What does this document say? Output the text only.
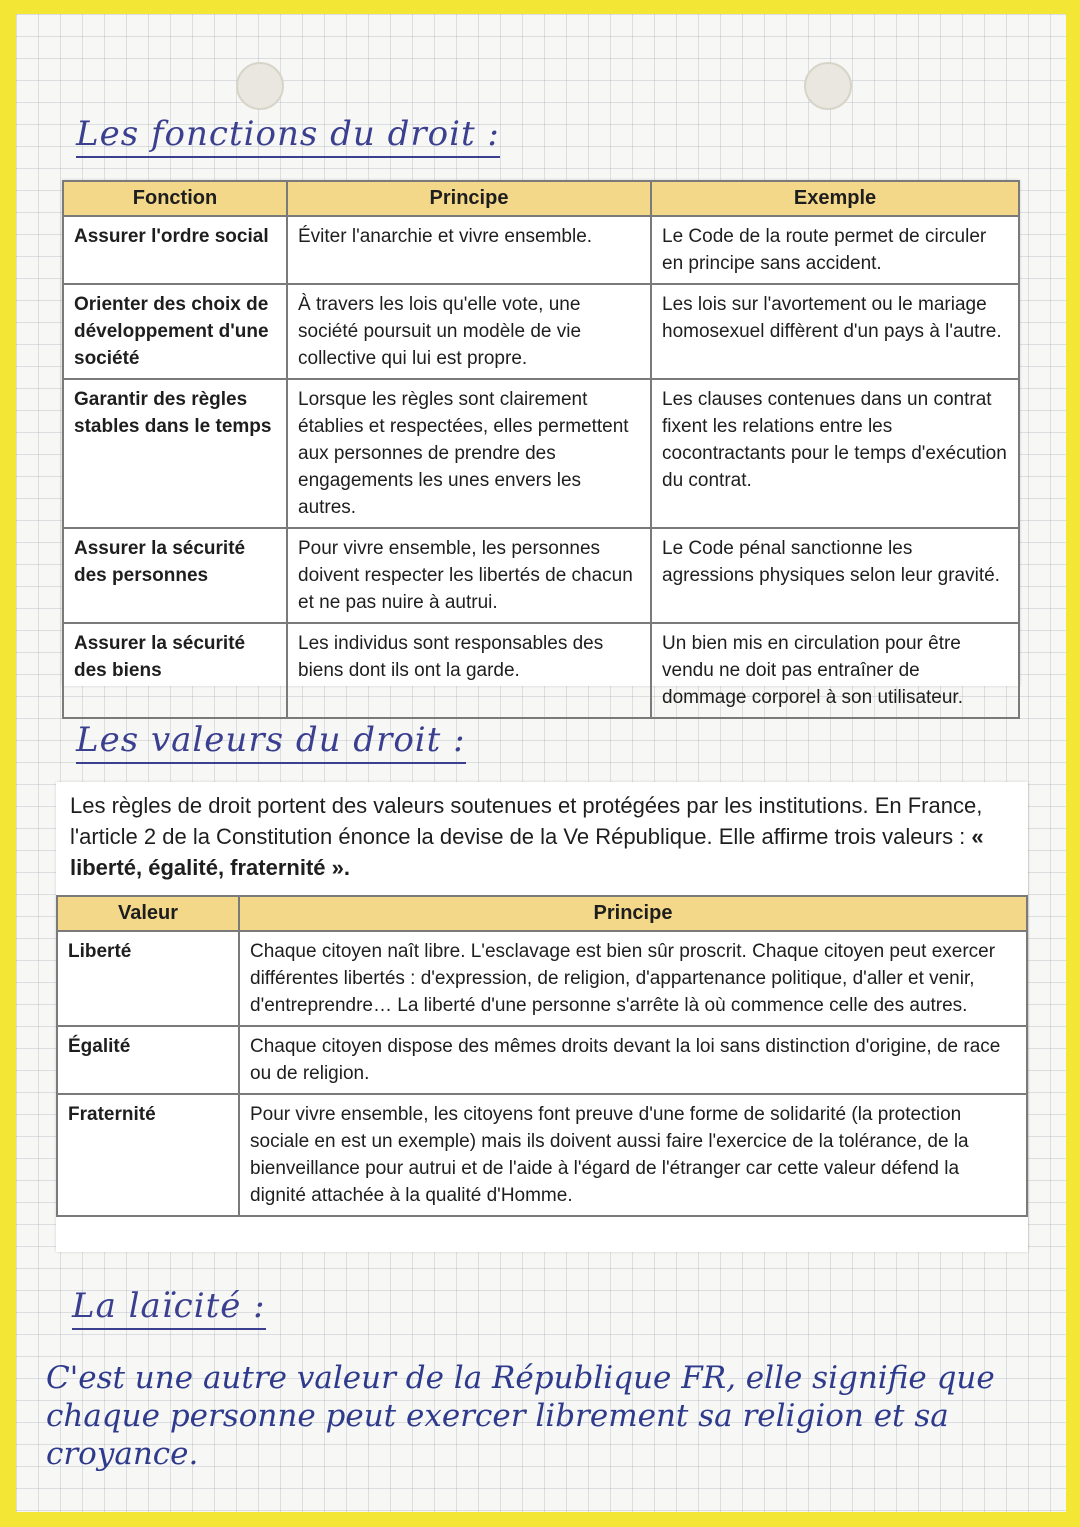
Les fonctions du droit :
Fonction	Principe	Exemple
Assurer l'ordre social	Éviter l'anarchie et vivre ensemble.	Le Code de la route permet de circuler en principe sans accident.
Orienter des choix de développement d'une société	À travers les lois qu'elle vote, une société poursuit un modèle de vie collective qui lui est propre.	Les lois sur l'avortement ou le mariage homosexuel diffèrent d'un pays à l'autre.
Garantir des règles stables dans le temps	Lorsque les règles sont clairement établies et respectées, elles permettent aux personnes de prendre des engagements les unes envers les autres.	Les clauses contenues dans un contrat fixent les relations entre les cocontractants pour le temps d'exécution du contrat.
Assurer la sécurité des personnes	Pour vivre ensemble, les personnes doivent respecter les libertés de chacun et ne pas nuire à autrui.	Le Code pénal sanctionne les agressions physiques selon leur gravité.
Assurer la sécurité des biens	Les individus sont responsables des biens dont ils ont la garde.	Un bien mis en circulation pour être vendu ne doit pas entraîner de dommage corporel à son utilisateur.
Les valeurs du droit :
Les règles de droit portent des valeurs soutenues et protégées par les institutions. En France, l'article 2 de la Constitution énonce la devise de la Ve République. Elle affirme trois valeurs : « liberté, égalité, fraternité ».
Valeur	Principe
Liberté	Chaque citoyen naît libre. L'esclavage est bien sûr proscrit. Chaque citoyen peut exercer différentes libertés : d'expression, de religion, d'appartenance politique, d'aller et venir, d'entreprendre… La liberté d'une personne s'arrête là où commence celle des autres.
Égalité	Chaque citoyen dispose des mêmes droits devant la loi sans distinction d'origine, de race ou de religion.
Fraternité	Pour vivre ensemble, les citoyens font preuve d'une forme de solidarité (la protection sociale en est un exemple) mais ils doivent aussi faire l'exercice de la tolérance, de la bienveillance pour autrui et de l'aide à l'égard de l'étranger car cette valeur défend la dignité attachée à la qualité d'Homme.
La laïcité :
C'est une autre valeur de la République FR, elle signifie que chaque personne peut exercer librement sa religion et sa croyance.
